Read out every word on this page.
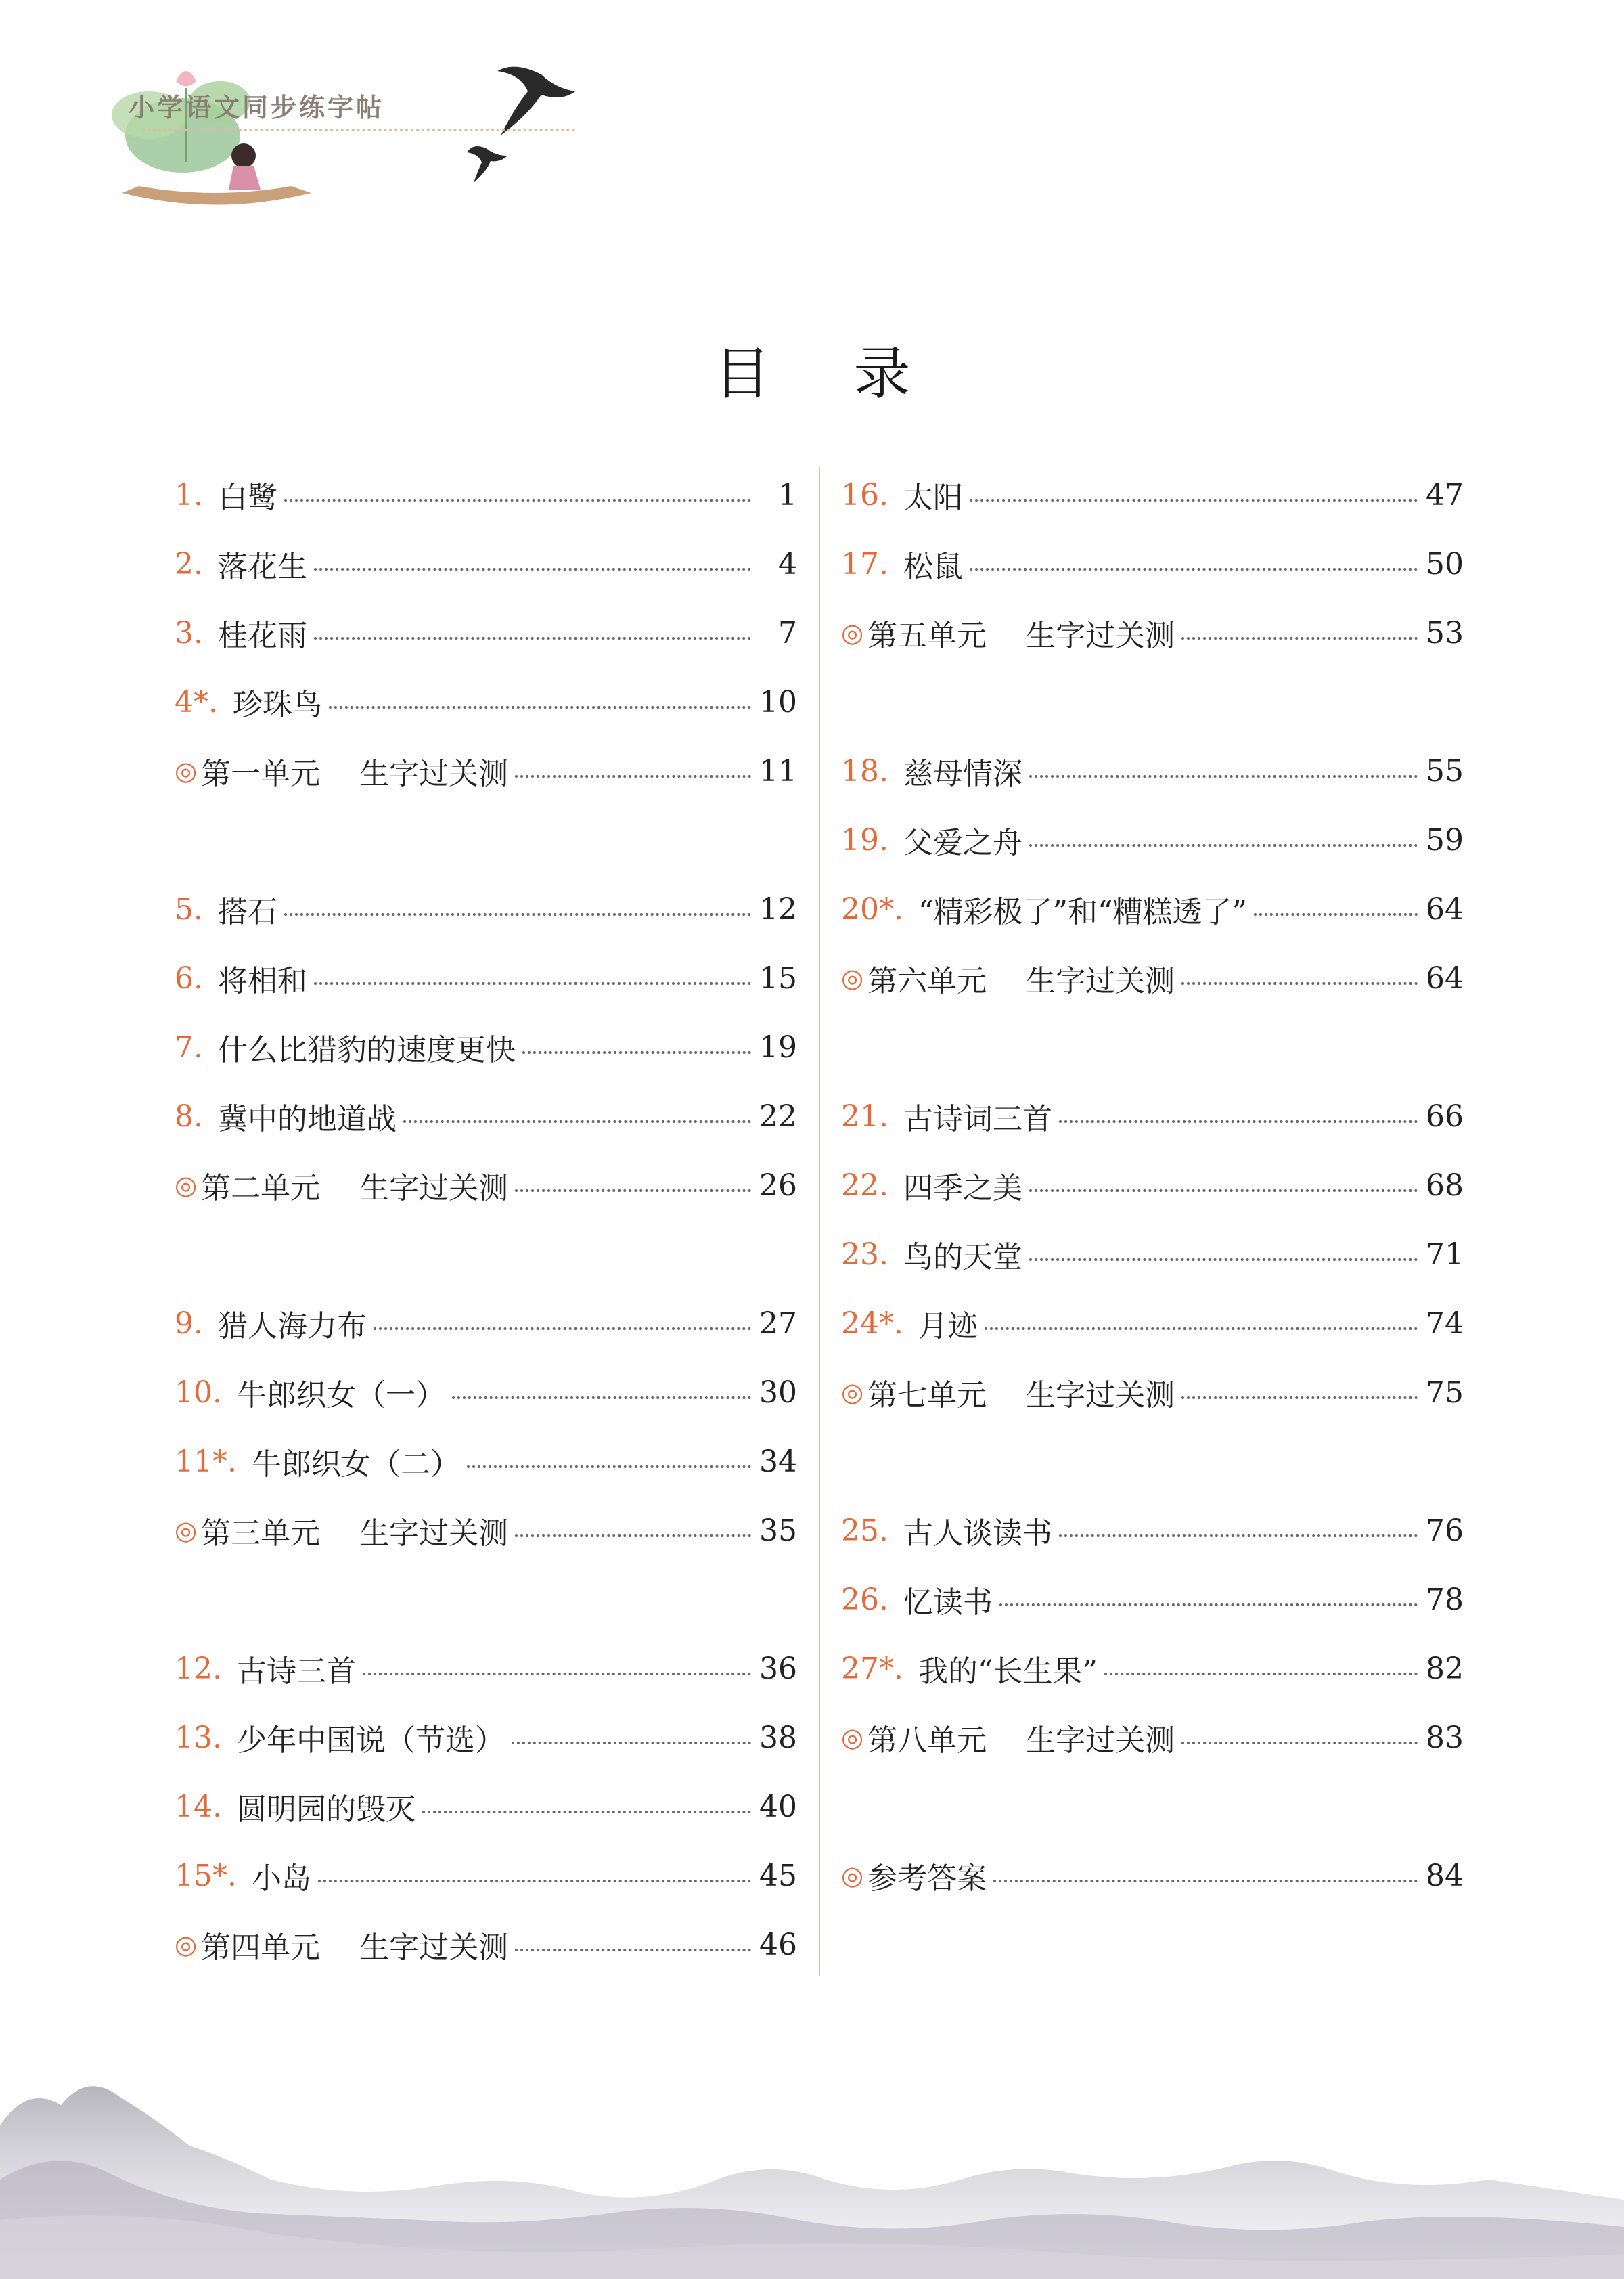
小学语文同步练字帖
目 录
1. 白鹭	1
2. 落花生	4
3. 桂花雨	7
4*. 珍珠鸟	10
◎ 第一单元 生字过关测	11
5. 搭石	12
6. 将相和	15
7. 什么比猎豹的速度更快	19
8. 冀中的地道战	22
◎ 第二单元 生字过关测	26
9. 猎人海力布	27
10. 牛郎织女（一）	30
11*. 牛郎织女（二）	34
◎ 第三单元 生字过关测	35
12. 古诗三首	36
13. 少年中国说（节选）	38
14. 圆明园的毁灭	40
15*. 小岛	45
◎ 第四单元 生字过关测	46
16. 太阳	47
17. 松鼠	50
◎ 第五单元 生字过关测	53
18. 慈母情深	55
19. 父爱之舟	59
20*. “精彩极了”和“糟糕透了”	64
◎ 第六单元 生字过关测	64
21. 古诗词三首	66
22. 四季之美	68
23. 鸟的天堂	71
24*. 月迹	74
◎ 第七单元 生字过关测	75
25. 古人谈读书	76
26. 忆读书	78
27*. 我的“长生果”	82
◎ 第八单元 生字过关测	83
◎ 参考答案	84
